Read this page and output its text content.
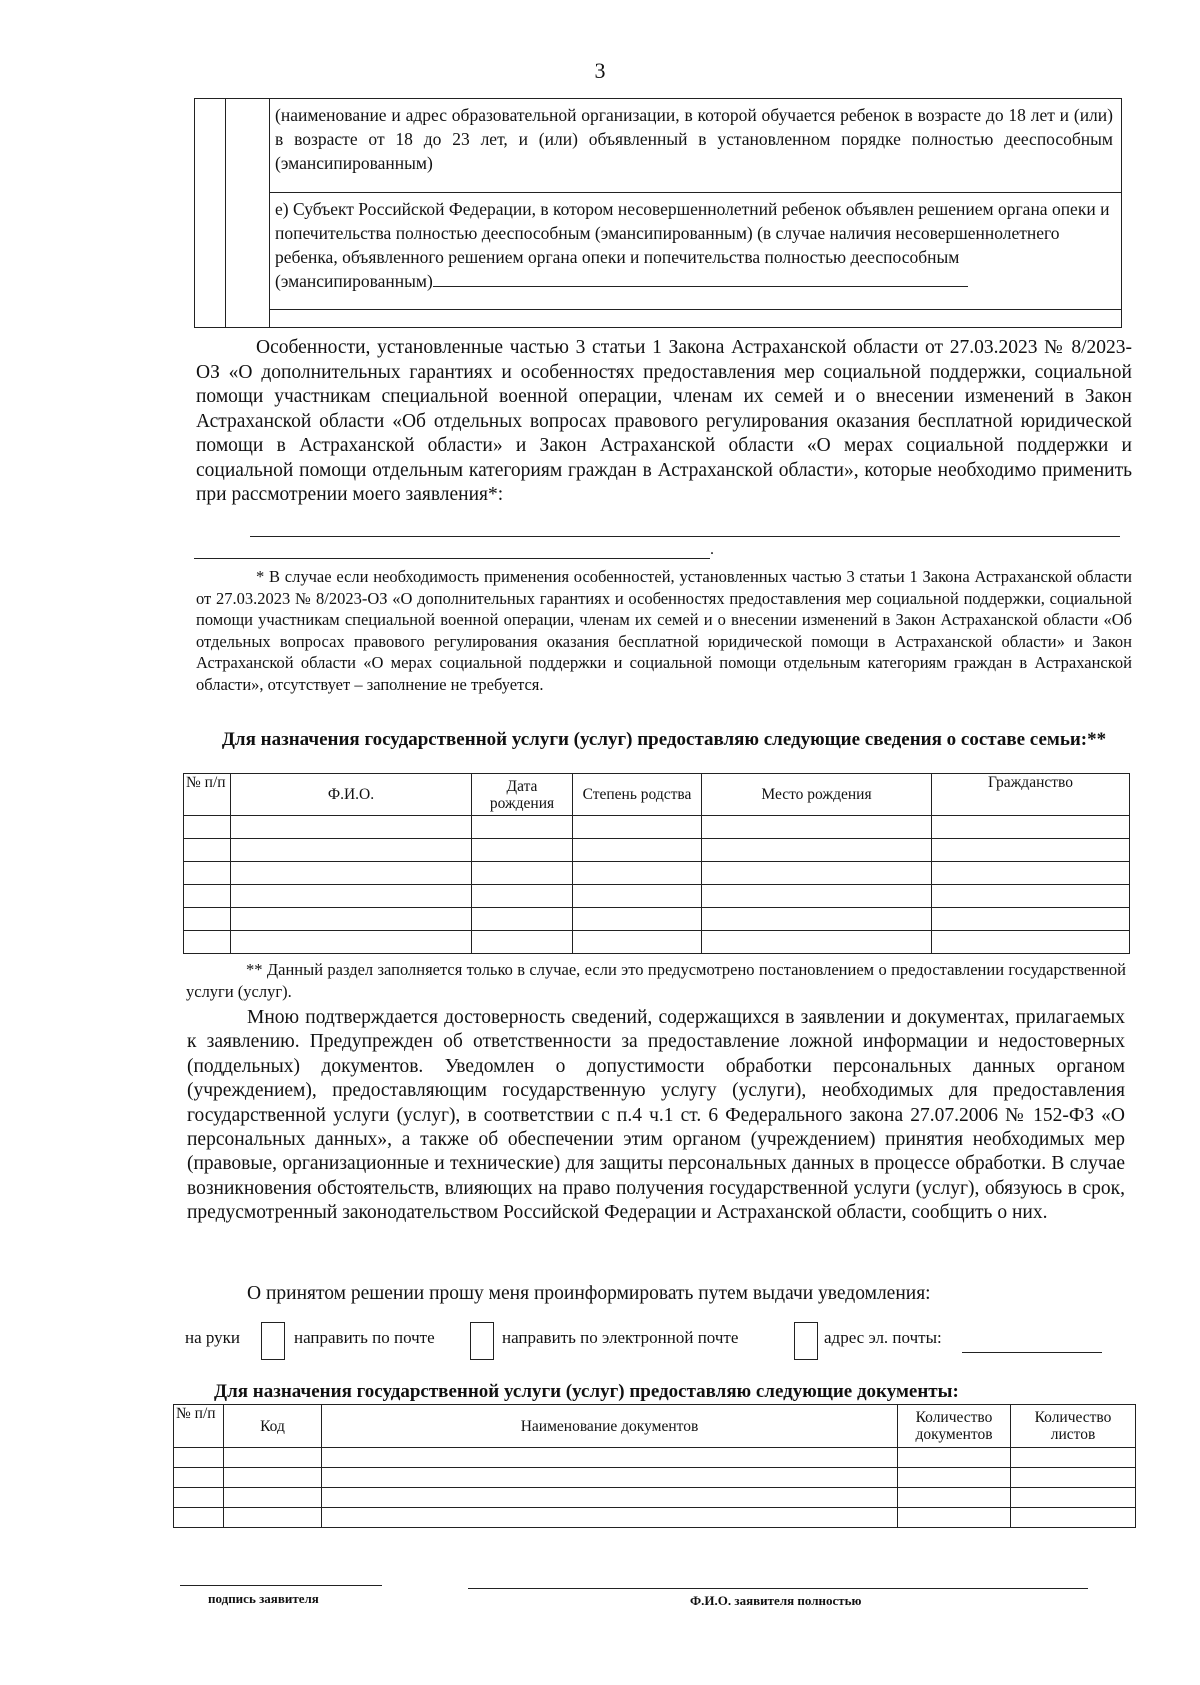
3
(наименование и адрес образовательной организации, в которой обучается ребенок в возрасте до 18 лет и (или) в возрасте от 18 до 23 лет, и (или) объявленный в установленном порядке полностью дееспособным (эмансипированным)
е) Субъект Российской Федерации, в котором несовершеннолетний ребенок объявлен решением органа опеки и попечительства полностью дееспособным (эмансипированным) (в случае наличия несовершеннолетнего ребенка, объявленного решением органа опеки и попечительства полностью дееспособным (эмансипированным)
Особенности, установленные частью 3 статьи 1 Закона Астраханской области от 27.03.2023 № 8/2023-ОЗ «О дополнительных гарантиях и особенностях предоставления мер социальной поддержки, социальной помощи участникам специальной военной операции, членам их семей и о внесении изменений в Закон Астраханской области «Об отдельных вопросах правового регулирования оказания бесплатной юридической помощи в Астраханской области» и Закон Астраханской области «О мерах социальной поддержки и социальной помощи отдельным категориям граждан в Астраханской области», которые необходимо применить при рассмотрении моего заявления*:
.
* В случае если необходимость применения особенностей, установленных частью 3 статьи 1 Закона Астраханской области от 27.03.2023 № 8/2023-ОЗ «О дополнительных гарантиях и особенностях предоставления мер социальной поддержки, социальной помощи участникам специальной военной операции, членам их семей и о внесении изменений в Закон Астраханской области «Об отдельных вопросах правового регулирования оказания бесплатной юридической помощи в Астраханской области» и Закон Астраханской области «О мерах социальной поддержки и социальной помощи отдельным категориям граждан в Астраханской области», отсутствует – заполнение не требуется.
Для назначения государственной услуги (услуг) предоставляю следующие сведения о составе семьи:**
№ п/п	Ф.И.О.	Дата рождения	Степень родства	Место рождения	Гражданство

** Данный раздел заполняется только в случае, если это предусмотрено постановлением о предоставлении государственной услуги (услуг).
Мною подтверждается достоверность сведений, содержащихся в заявлении и документах, прилагаемых к заявлению. Предупрежден об ответственности за предоставление ложной информации и недостоверных (поддельных) документов. Уведомлен о допустимости обработки персональных данных органом (учреждением), предоставляющим государственную услугу (услуги), необходимых для предоставления государственной услуги (услуг), в соответствии с п.4 ч.1 ст. 6 Федерального закона 27.07.2006 № 152-ФЗ «О персональных данных», а также об обеспечении этим органом (учреждением) принятия необходимых мер (правовые, организационные и технические) для защиты персональных данных в процессе обработки. В случае возникновения обстоятельств, влияющих на право получения государственной услуги (услуг), обязуюсь в срок, предусмотренный законодательством Российской Федерации и Астраханской области, сообщить о них.
О принятом решении прошу меня проинформировать путем выдачи уведомления:
на руки	направить по почте	направить по электронной почте	адрес эл. почты:
Для назначения государственной услуги (услуг) предоставляю следующие документы:
№ п/п	Код	Наименование документов	Количество документов	Количество листов

подпись заявителя	Ф.И.О. заявителя полностью
